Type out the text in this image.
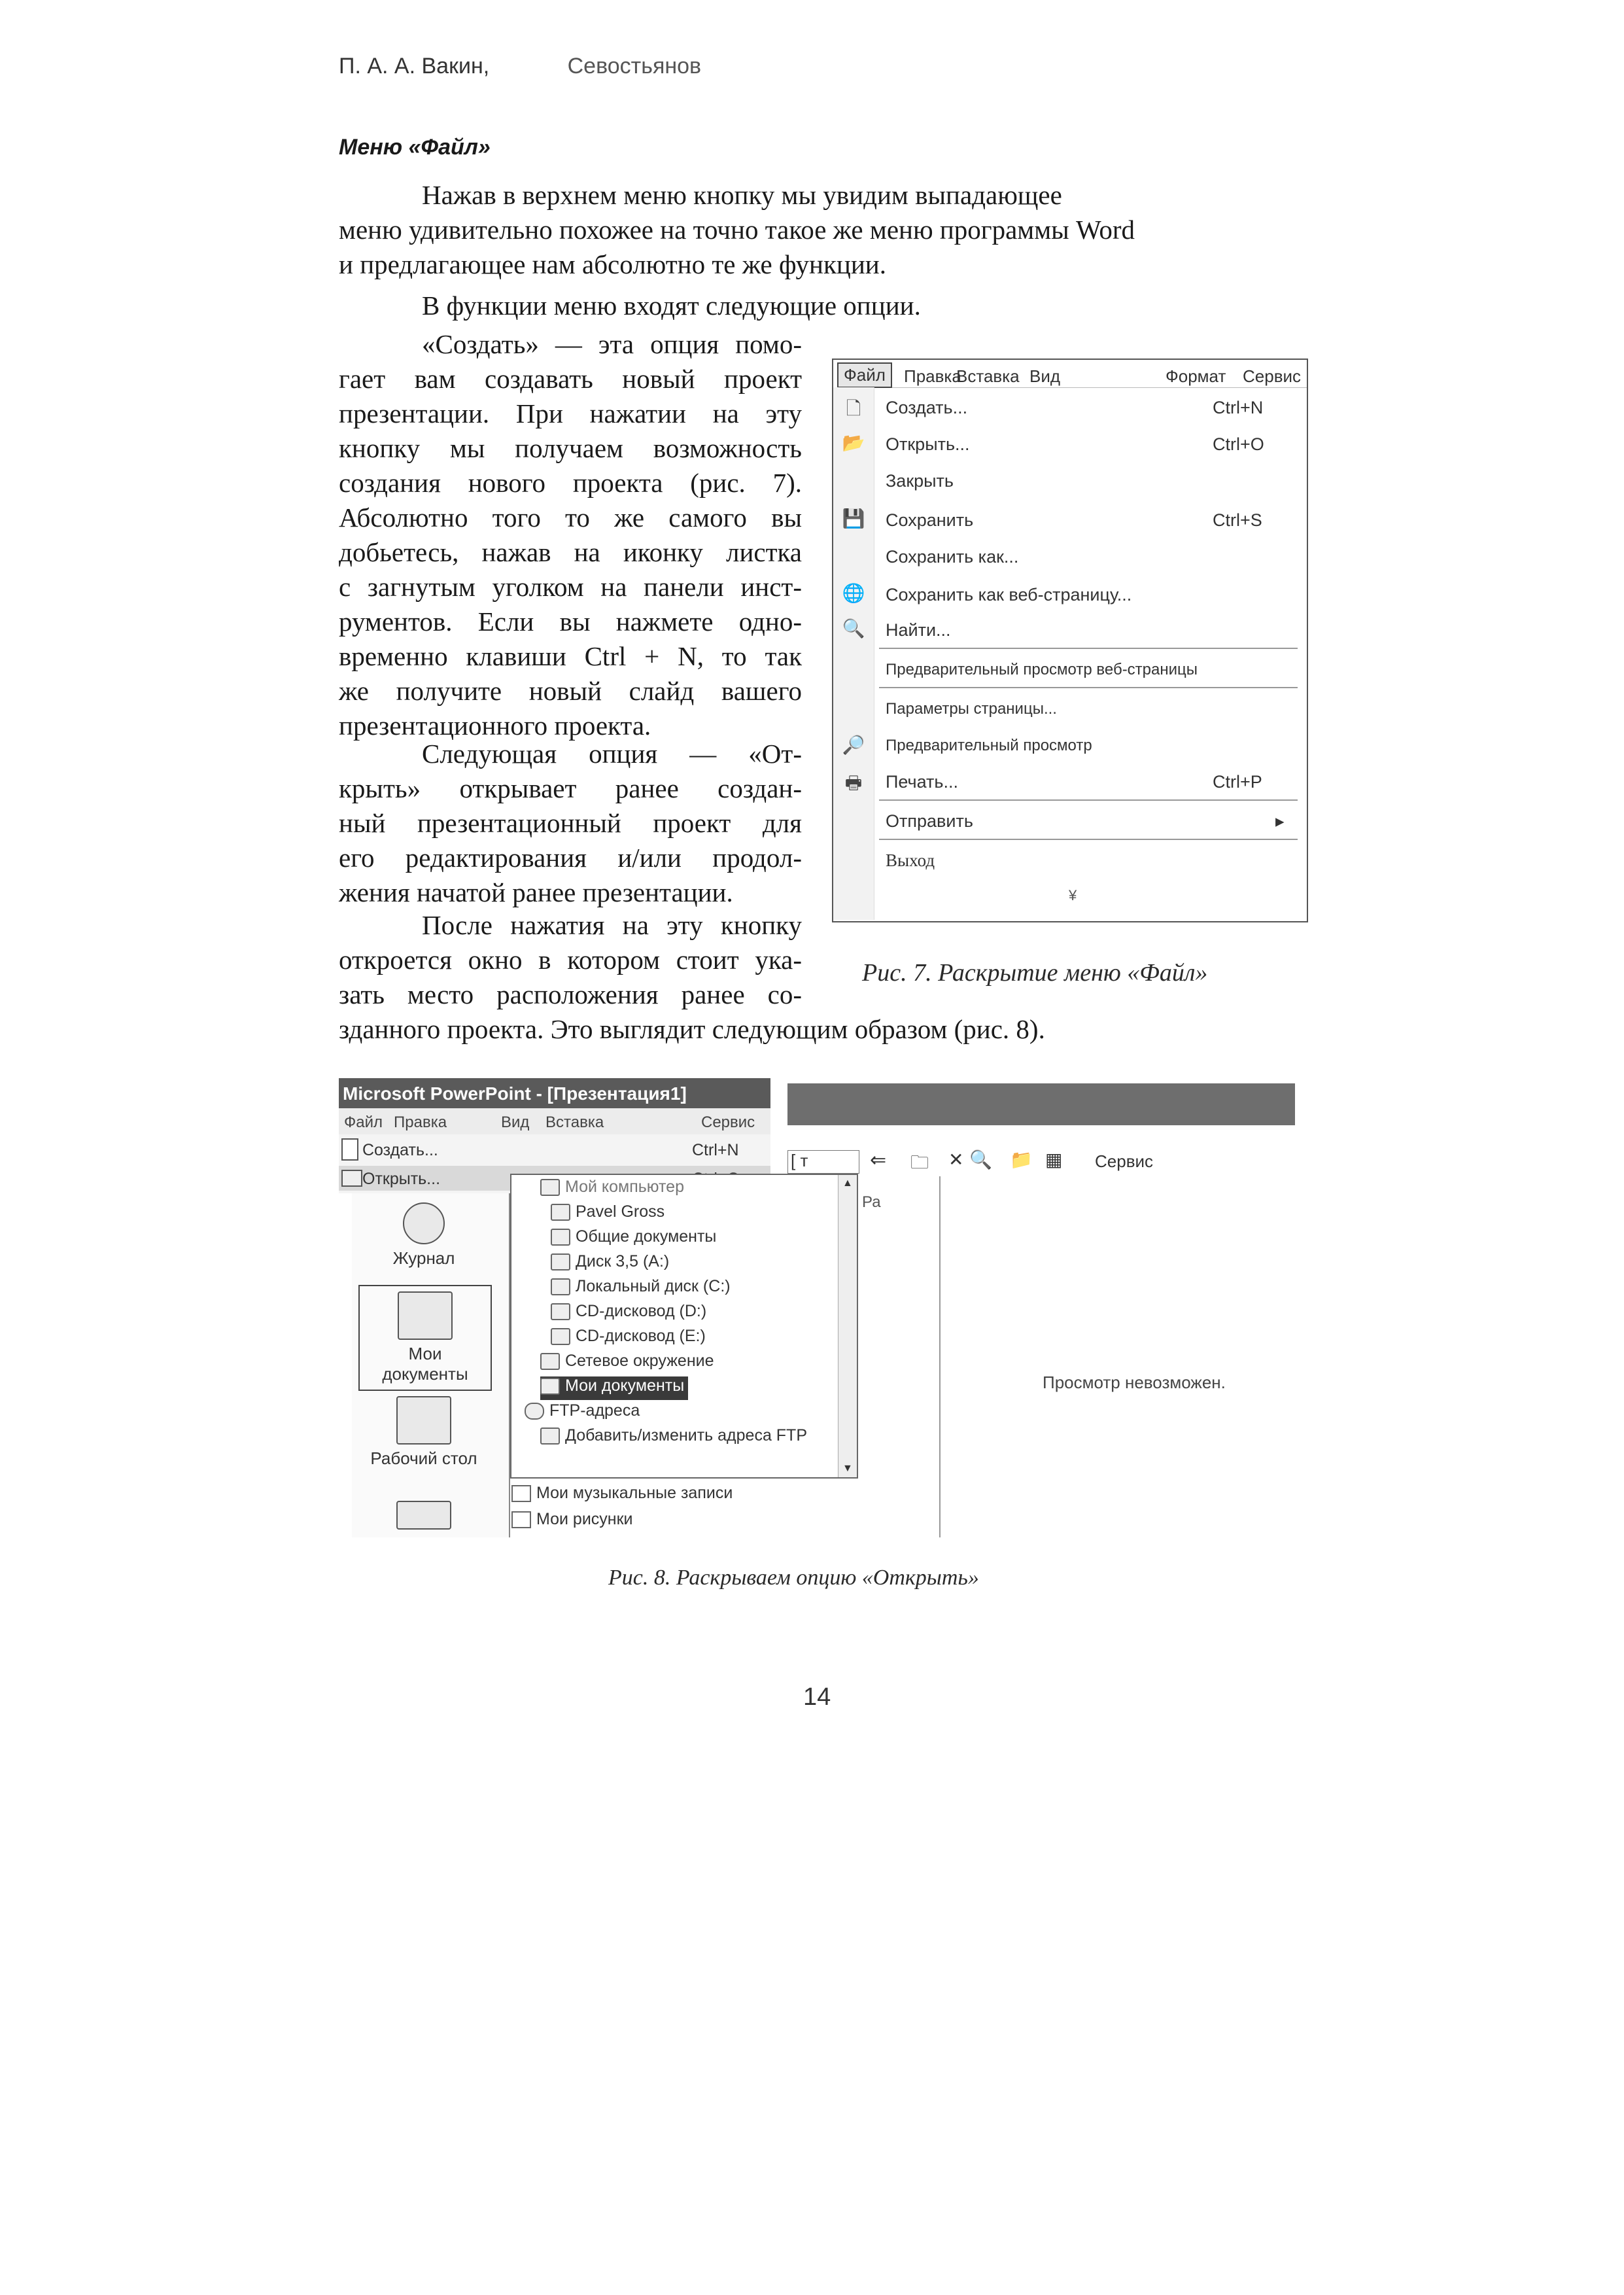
П. А. А. Вакин,	Севостьянов
Меню «Файл»
Нажав в верхнем меню кнопку мы увидим выпадающее
меню удивительно похожее на точно такое же меню программы Word
и предлагающее нам абсолютно те же функции.
В функции меню входят следующие опции.
«Создать» — эта опция помо-
гает вам создавать новый проект
презентации. При нажатии на эту
кнопку мы получаем возможность
создания нового проекта (рис. 7).
Абсолютно того то же самого вы
добьетесь, нажав на иконку листка
с загнутым уголком на панели инст-
рументов. Если вы нажмете одно-
временно клавиши Ctrl + N, то так
же получите новый слайд вашего
презентационного проекта.
Следующая опция — «От-
крыть» открывает ранее создан-
ный презентационный проект для
его редактирования и/или продол-
жения начатой ранее презентации.
После нажатия на эту кнопку
откроется окно в котором стоит ука-
зать место расположения ранее со-
зданного проекта. Это выглядит следующим образом (рис. 8).
Файл	Правка
Вставка Вид	Формат Сервис
🗋 Создать...	Ctrl+N
📂 Открыть...	Ctrl+O
Закрыть
💾 Сохранить	Ctrl+S
Сохранить как...
🌐 Сохранить как веб-страницу...
🔍 Найти...
Предварительный просмотр веб-страницы
Параметры страницы...
🔎 Предварительный просмотр
🖶 Печать...	Ctrl+P
Отправить	▸
Выход
¥
Рис. 7. Раскрытие меню «Файл»
Microsoft PowerPoint - [Презентация1]
Файл Правка	Вид Вставка	Сервис
Создать...	Ctrl+N
Открыть...
Журнал
Мои документы
Рабочий стол
Мой компьютер
Pavel Gross
Общие документы
Диск 3,5 (A:)
Локальный диск (C:)
CD-дисковод (D:)
CD-дисковод (E:)
Сетевое окружение
Мои документы
FTP-адреса
Добавить/изменить адреса FTP
▲
▼
Мои музыкальные записи
Мои рисунки
[ т	⇐ 🗀 ✕ 🔍 📁 ▦ Сервис
Ра
Просмотр невозможен.
Рис. 8. Раскрываем опцию «Открыть»
14
